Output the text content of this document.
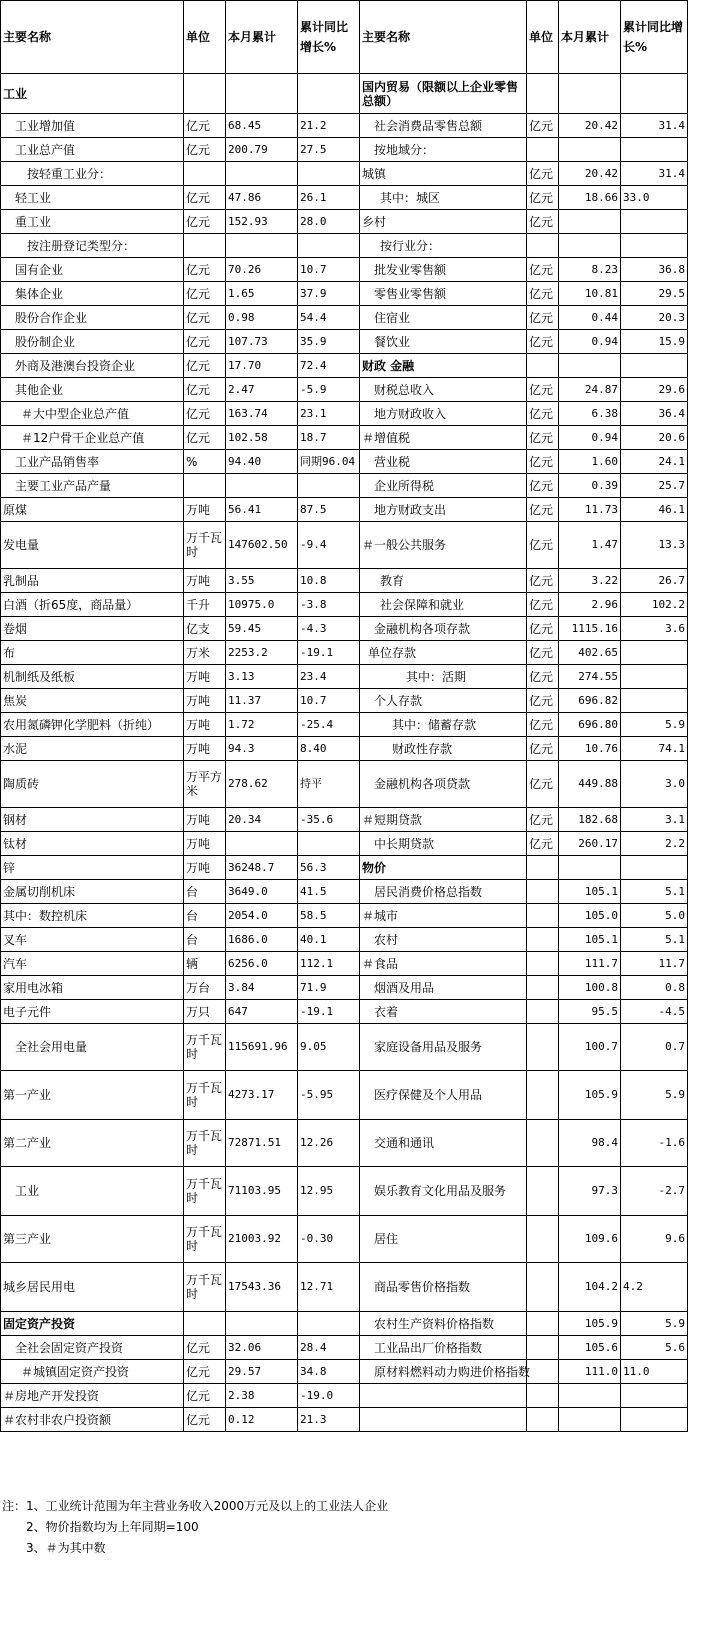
主要名称	单位	本月累计	累计同比增长%	主要名称	单位	本月累计	累计同比增长%

工业				国内贸易（限额以上企业零售总额）			
工业增加值	亿元	68.45	21.2	社会消费品零售总额	亿元	20.42	31.4
工业总产值	亿元	200.79	27.5	按地域分：			
按轻重工业分：				城镇	亿元	20.42	31.4
轻工业	亿元	47.86	26.1	其中：城区	亿元	18.66	33.0
重工业	亿元	152.93	28.0	乡村	亿元		
按注册登记类型分：				按行业分：			
国有企业	亿元	70.26	10.7	批发业零售额	亿元	8.23	36.8
集体企业	亿元	1.65	37.9	零售业零售额	亿元	10.81	29.5
股份合作企业	亿元	0.98	54.4	住宿业	亿元	0.44	20.3
股份制企业	亿元	107.73	35.9	餐饮业	亿元	0.94	15.9
外商及港澳台投资企业	亿元	17.70	72.4	财政 金融			
其他企业	亿元	2.47	-5.9	财税总收入	亿元	24.87	29.6
＃大中型企业总产值	亿元	163.74	23.1	地方财政收入	亿元	6.38	36.4
＃12户骨干企业总产值	亿元	102.58	18.7	＃增值税	亿元	0.94	20.6
工业产品销售率	%	94.40	同期96.04	营业税	亿元	1.60	24.1
主要工业产品产量				企业所得税	亿元	0.39	25.7
原煤	万吨	56.41	87.5	地方财政支出	亿元	11.73	46.1
发电量	万千瓦时	147602.50	-9.4	＃一般公共服务	亿元	1.47	13.3
乳制品	万吨	3.55	10.8	教育	亿元	3.22	26.7
白酒（折65度，商品量）	千升	10975.0	-3.8	社会保障和就业	亿元	2.96	102.2
卷烟	亿支	59.45	-4.3	金融机构各项存款	亿元	1115.16	3.6
布	万米	2253.2	-19.1	单位存款	亿元	402.65	
机制纸及纸板	万吨	3.13	23.4	其中：活期	亿元	274.55	
焦炭	万吨	11.37	10.7	个人存款	亿元	696.82	
农用氮磷钾化学肥料（折纯）	万吨	1.72	-25.4	其中：储蓄存款	亿元	696.80	5.9
水泥	万吨	94.3	8.40	财政性存款	亿元	10.76	74.1
陶质砖	万平方米	278.62	持平	金融机构各项贷款	亿元	449.88	3.0
钢材	万吨	20.34	-35.6	＃短期贷款	亿元	182.68	3.1
钛材	万吨			中长期贷款	亿元	260.17	2.2
锌	万吨	36248.7	56.3	物价			
金属切削机床	台	3649.0	41.5	居民消费价格总指数		105.1	5.1
其中：数控机床	台	2054.0	58.5	＃城市		105.0	5.0
叉车	台	1686.0	40.1	农村		105.1	5.1
汽车	辆	6256.0	112.1	＃食品		111.7	11.7
家用电冰箱	万台	3.84	71.9	烟酒及用品		100.8	0.8
电子元件	万只	647	-19.1	衣着		95.5	-4.5
全社会用电量	万千瓦时	115691.96	9.05	家庭设备用品及服务		100.7	0.7
第一产业	万千瓦时	4273.17	-5.95	医疗保健及个人用品		105.9	5.9
第二产业	万千瓦时	72871.51	12.26	交通和通讯		98.4	-1.6
工业	万千瓦时	71103.95	12.95	娱乐教育文化用品及服务		97.3	-2.7
第三产业	万千瓦时	21003.92	-0.30	居住		109.6	9.6
城乡居民用电	万千瓦时	17543.36	12.71	商品零售价格指数		104.2	4.2
固定资产投资				农村生产资料价格指数		105.9	5.9
全社会固定资产投资	亿元	32.06	28.4	工业品出厂价格指数		105.6	5.6
＃城镇固定资产投资	亿元	29.57	34.8	原材料燃料动力购进价格指数		111.0	11.0
＃房地产开发投资	亿元	2.38	-19.0				
＃农村非农户投资额	亿元	0.12	21.3				
注：1、工业统计范围为年主营业务收入2000万元及以上的工业法人企业
2、物价指数均为上年同期=100
3、＃为其中数
